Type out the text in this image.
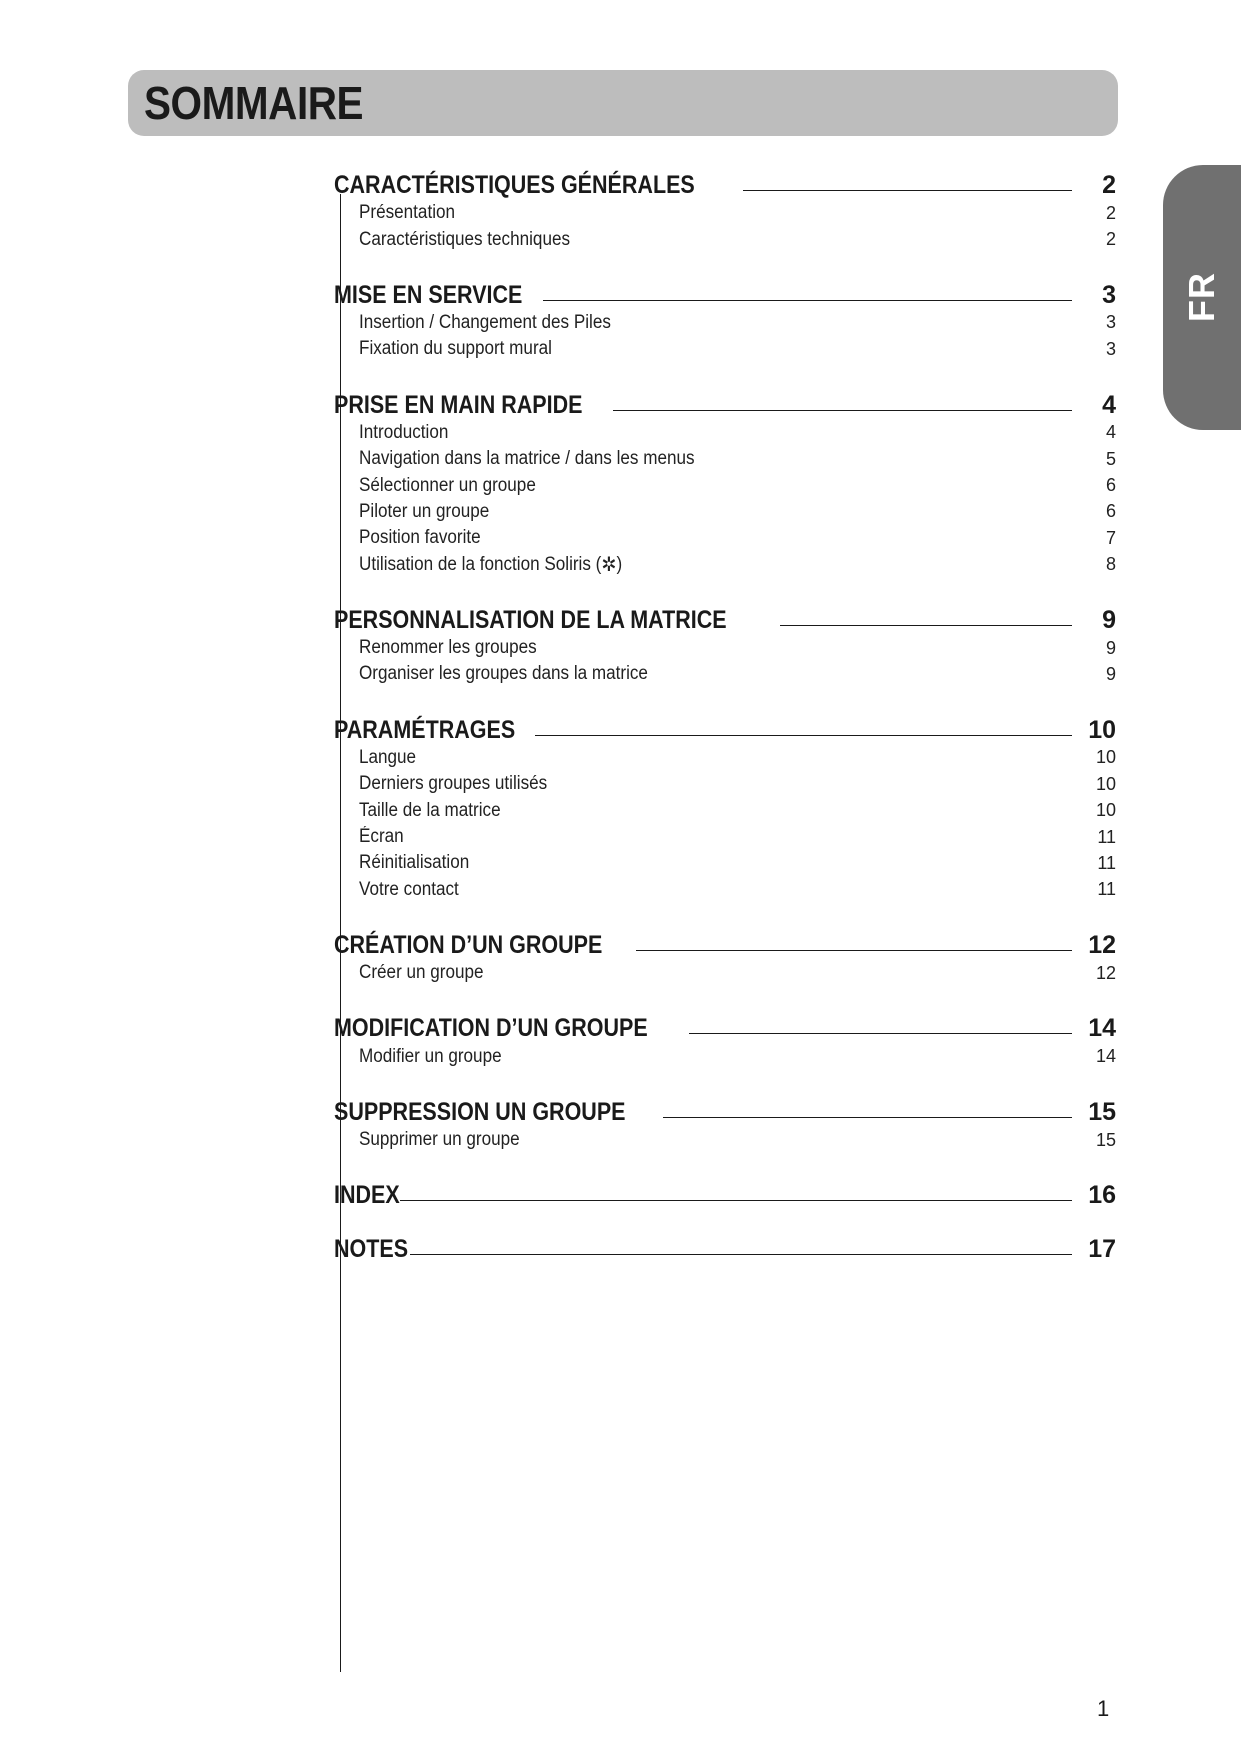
SOMMAIRE
FR
CARACTÉRISTIQUES GÉNÉRALES	2
Présentation	2
Caractéristiques techniques	2
MISE EN SERVICE	3
Insertion / Changement des Piles	3
Fixation du support mural	3
PRISE EN MAIN RAPIDE	4
Introduction	4
Navigation dans la matrice / dans les menus	5
Sélectionner un groupe	6
Piloter un groupe	6
Position favorite	7
Utilisation de la fonction Soliris (✲)	8
PERSONNALISATION DE LA MATRICE	9
Renommer les groupes	9
Organiser les groupes dans la matrice	9
PARAMÉTRAGES	10
Langue	10
Derniers groupes utilisés	10
Taille de la matrice	10
Écran	11
Réinitialisation	11
Votre contact	11
CRÉATION D’UN GROUPE	12
Créer un groupe	12
MODIFICATION D’UN GROUPE	14
Modifier un groupe	14
SUPPRESSION UN GROUPE	15
Supprimer un groupe	15
INDEX	16
NOTES	17
1
